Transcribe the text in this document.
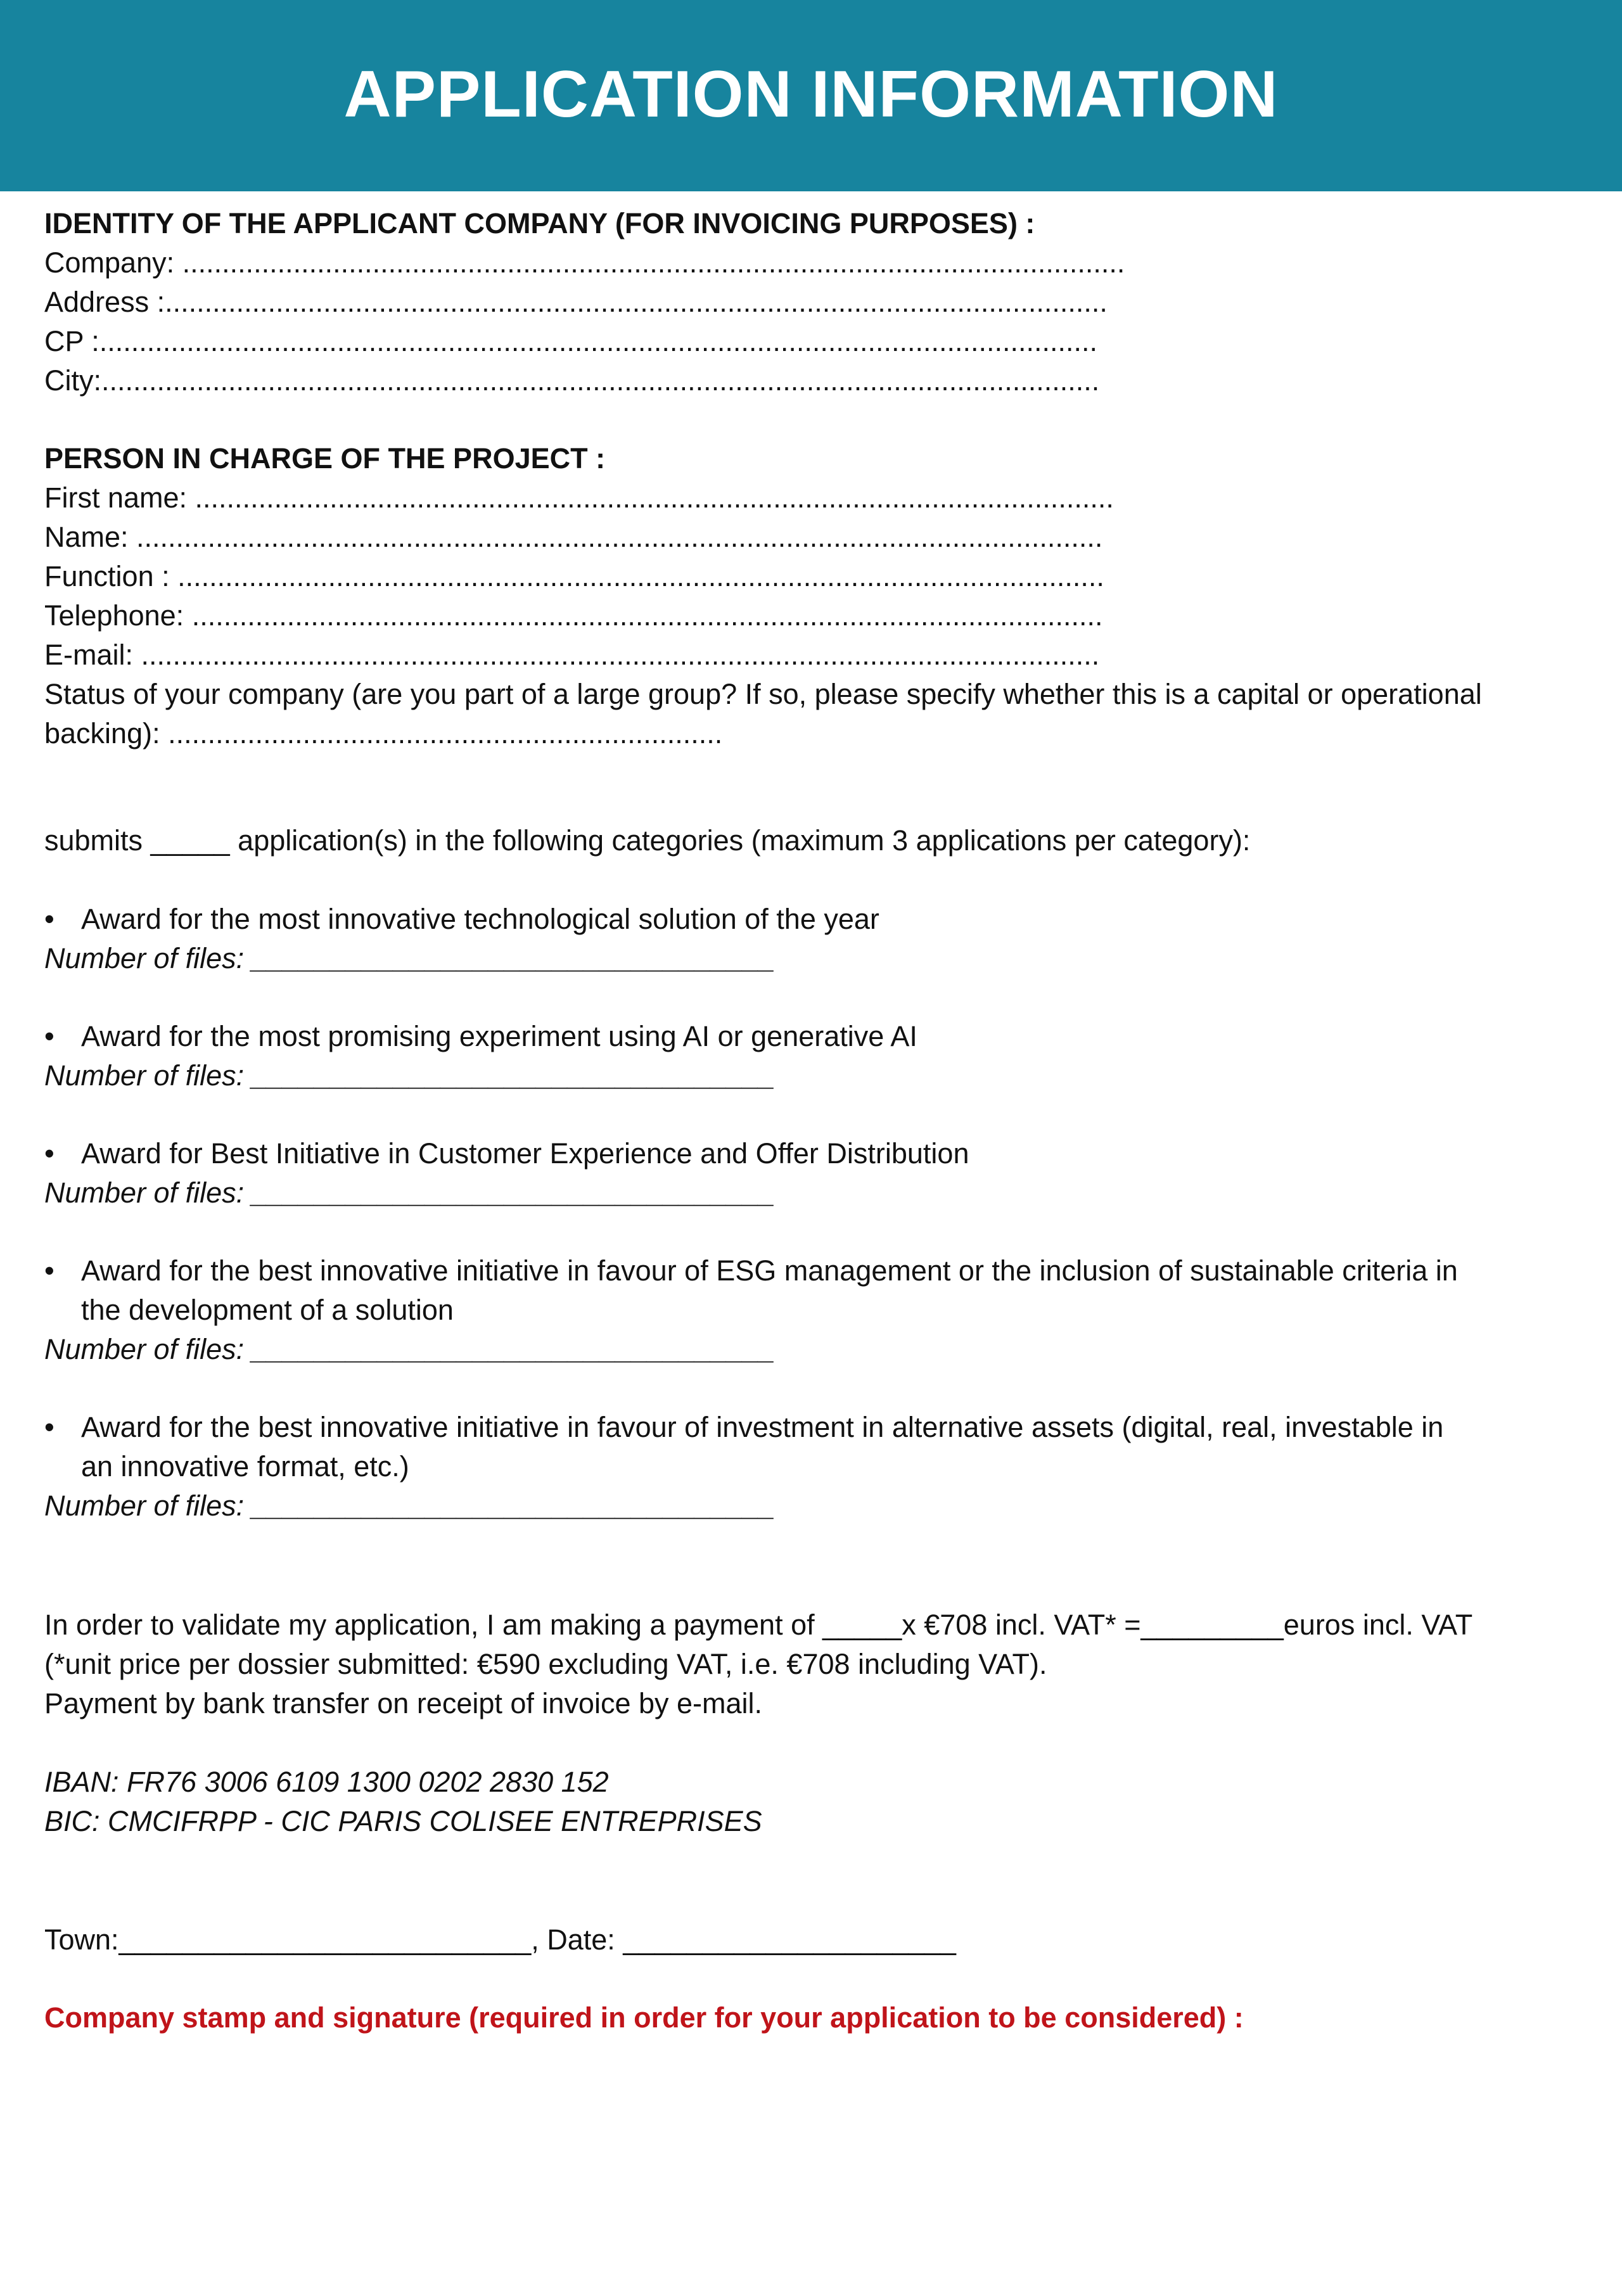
APPLICATION INFORMATION
IDENTITY OF THE APPLICANT COMPANY (FOR INVOICING PURPOSES) :
Company: .......................................................................................................................
Address :.......................................................................................................................
CP :..............................................................................................................................
City:..............................................................................................................................
PERSON IN CHARGE OF THE PROJECT :
First name: ....................................................................................................................
Name: ..........................................................................................................................
Function : .....................................................................................................................
Telephone: ...................................................................................................................
E-mail: .........................................................................................................................
Status of your company (are you part of a large group? If so, please specify whether this is a capital or operational
backing): ......................................................................
submits _____ application(s) in the following categories (maximum 3 applications per category):
• Award for the most innovative technological solution of the year
Number of files: _________________________________
• Award for the most promising experiment using AI or generative AI
Number of files: _________________________________
• Award for Best Initiative in Customer Experience and Offer Distribution
Number of files: _________________________________
• Award for the best innovative initiative in favour of ESG management or the inclusion of sustainable criteria in
the development of a solution
Number of files: _________________________________
• Award for the best innovative initiative in favour of investment in alternative assets (digital, real, investable in
an innovative format, etc.)
Number of files: _________________________________
In order to validate my application, I am making a payment of _____x €708 incl. VAT* =_________euros incl. VAT
(*unit price per dossier submitted: €590 excluding VAT, i.e. €708 including VAT).
Payment by bank transfer on receipt of invoice by e-mail.
IBAN: FR76 3006 6109 1300 0202 2830 152
BIC: CMCIFRPP - CIC PARIS COLISEE ENTREPRISES
Town:__________________________, Date: _____________________
Company stamp and signature (required in order for your application to be considered) :
